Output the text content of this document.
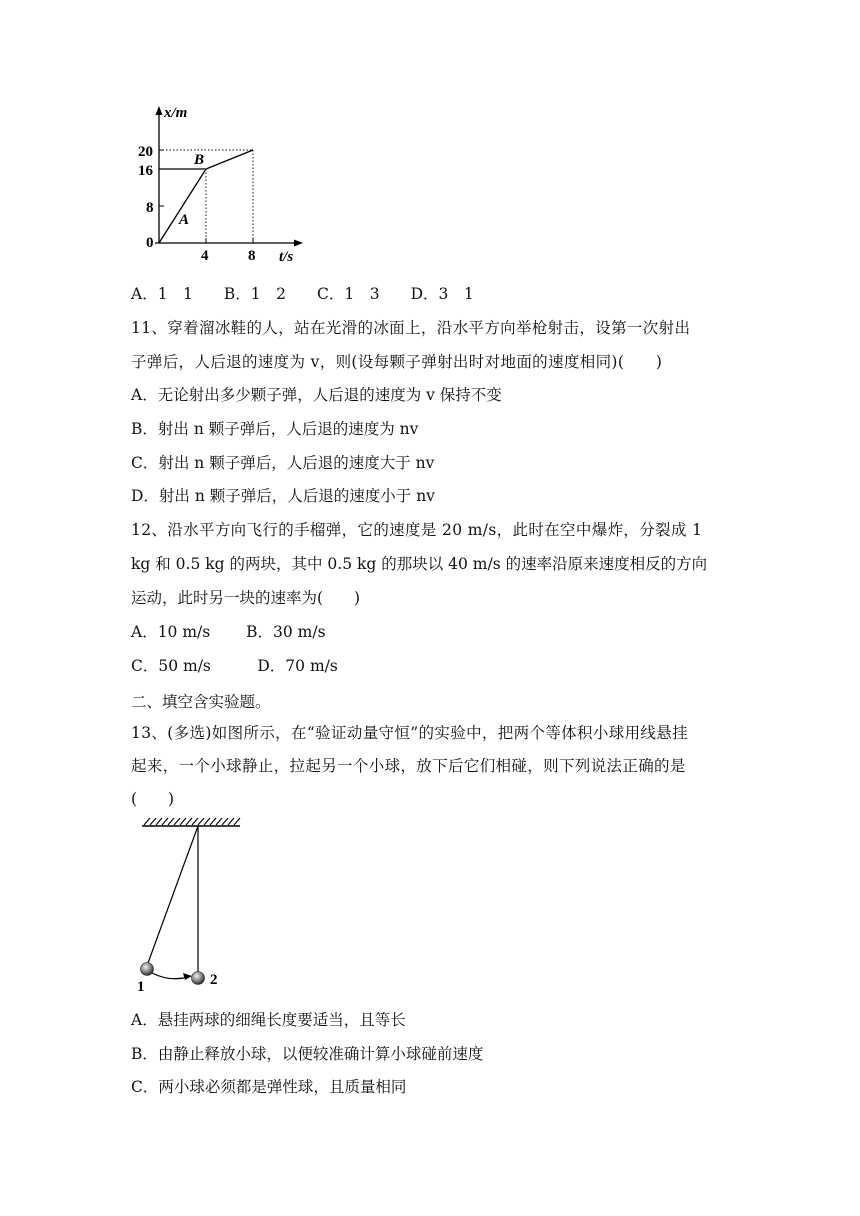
x/m
20
16
8
0
4	8 t/s
B
A
A．1　1　　B．1　2　　C．1　3　　D．3　1
11、穿着溜冰鞋的人，站在光滑的冰面上，沿水平方向举枪射击，设第一次射出
子弹后，人后退的速度为 v，则(设每颗子弹射出时对地面的速度相同)(　　)
A．无论射出多少颗子弹，人后退的速度为 v 保持不变
B．射出 n 颗子弹后，人后退的速度为 nv
C．射出 n 颗子弹后，人后退的速度大于 nv
D．射出 n 颗子弹后，人后退的速度小于 nv
12、沿水平方向飞行的手榴弹，它的速度是 20 m/s，此时在空中爆炸，分裂成 1
kg 和 0.5 kg 的两块，其中 0.5 kg 的那块以 40 m/s 的速率沿原来速度相反的方向
运动，此时另一块的速率为(　　)
A．10 m/s　　 B．30 m/s
C．50 m/s　　　D．70 m/s
二、填空含实验题。
13、(多选)如图所示，在“验证动量守恒”的实验中，把两个等体积小球用线悬挂
起来，一个小球静止，拉起另一个小球，放下后它们相碰，则下列说法正确的是
(　　)
1	2
A．悬挂两球的细绳长度要适当，且等长
B．由静止释放小球，以便较准确计算小球碰前速度
C．两小球必须都是弹性球，且质量相同
